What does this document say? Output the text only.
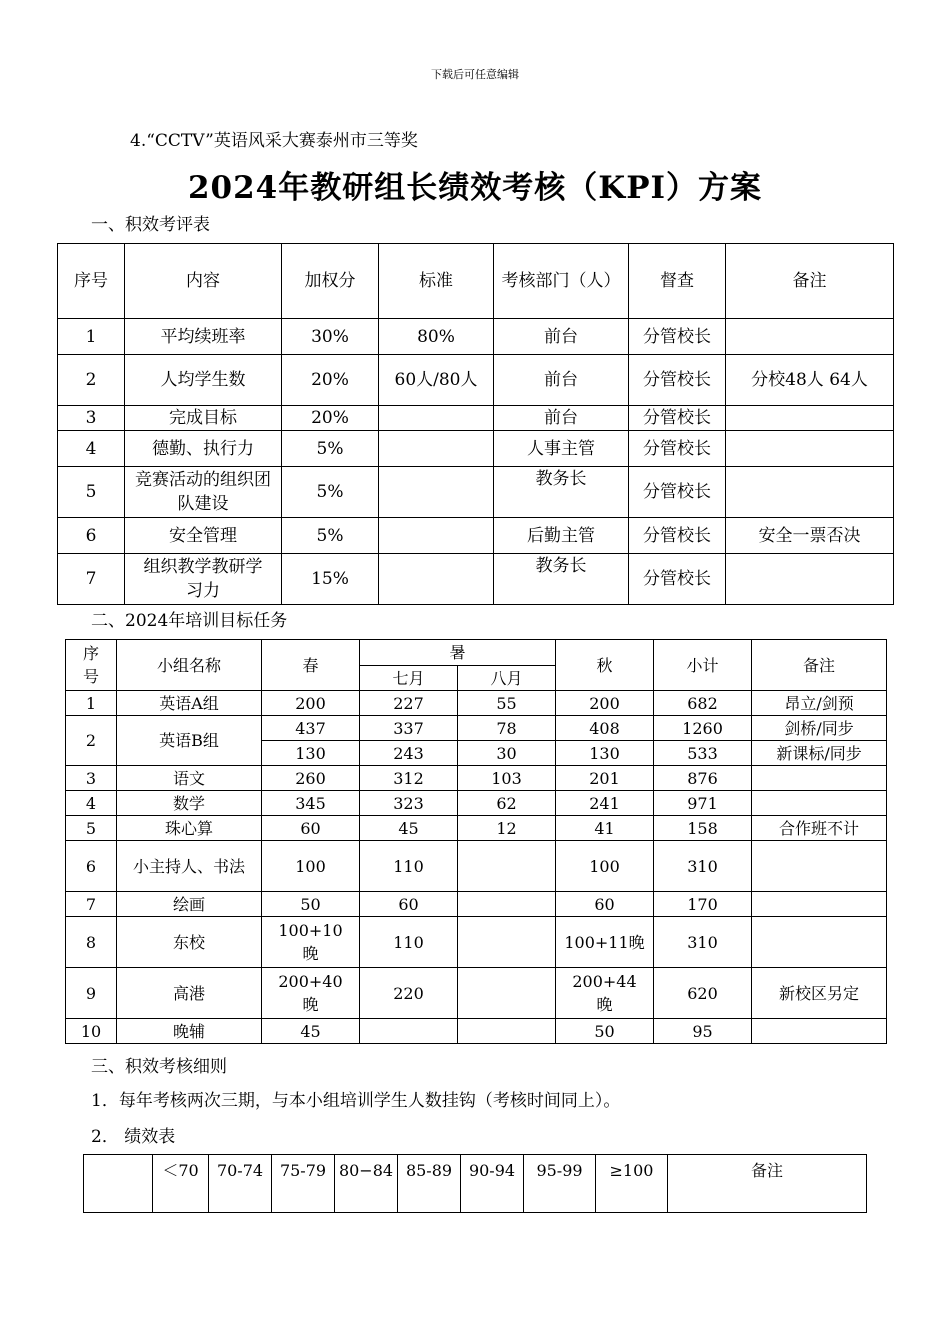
下载后可任意编辑
4.“CCTV”英语风采大赛泰州市三等奖
2024年教研组长绩效考核（KPI）方案
一、积效考评表
序号	内容	加权分	标准	考核部门（人）	督查	备注
1	平均续班率	30%	80%	前台	分管校长	
2	人均学生数	20%	60人/80人	前台	分管校长	分校48人 64人
3	完成目标	20%		前台	分管校长	
4	德勤、执行力	5%		人事主管	分管校长	
5	竞赛活动的组织团队建设	5%		教务长	分管校长	
6	安全管理	5%		后勤主管	分管校长	安全一票否决
7	组织教学教研学习力	15%		教务长	分管校长	
二、2024年培训目标任务
序号	小组名称	春	暑		秋	小计	备注
			七月	八月			
1	英语A组	200	227	55	200	682	昂立/剑预
2	英语B组	437	337	78	408	1260	剑桥/同步
		130	243	30	130	533	新课标/同步
3	语文	260	312	103	201	876	
4	数学	345	323	62	241	971	
5	珠心算	60	45	12	41	158	合作班不计
6	小主持人、书法	100	110		100	310	
7	绘画	50	60		60	170	
8	东校	100+10晚	110		100+11晚	310	
9	高港	200+40晚	220		200+44晚	620	新校区另定
10	晚辅	45			50	95	
三、积效考核细则
1．每年考核两次三期，与本小组培训学生人数挂钩（考核时间同上）。
2． 绩效表
	＜70	70-74	75-79	80−84	85-89	90-94	95-99	≥100	备注
